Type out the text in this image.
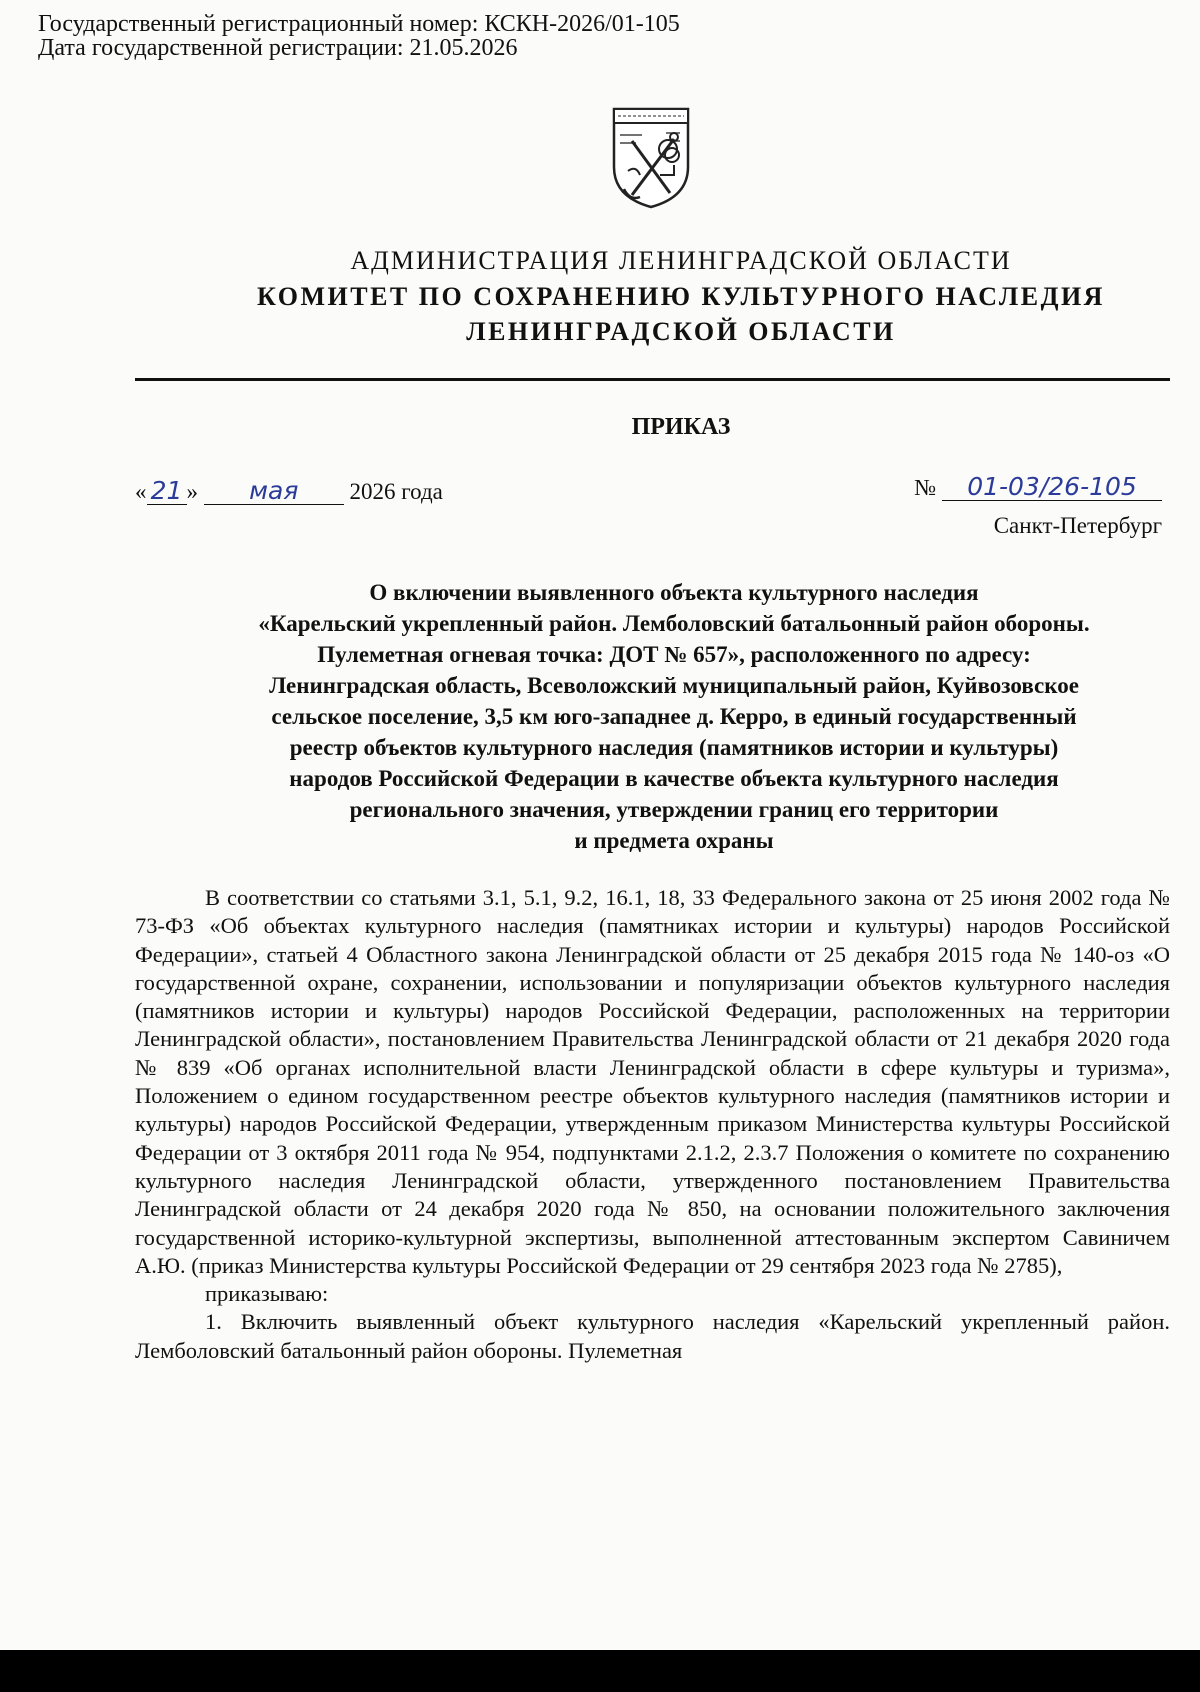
Государственный регистрационный номер: КСКН-2026/01-105
Дата государственной регистрации: 21.05.2026
АДМИНИСТРАЦИЯ ЛЕНИНГРАДСКОЙ ОБЛАСТИ
КОМИТЕТ ПО СОХРАНЕНИЮ КУЛЬТУРНОГО НАСЛЕДИЯ
ЛЕНИНГРАДСКОЙ ОБЛАСТИ
ПРИКАЗ
« 21 » мая 2026 года	№ 01-03/26-105
Санкт-Петербург
О включении выявленного объекта культурного наследия
«Карельский укрепленный район. Лемболовский батальонный район обороны.
Пулеметная огневая точка: ДОТ № 657», расположенного по адресу:
Ленинградская область, Всеволожский муниципальный район, Куйвозовское
сельское поселение, 3,5 км юго-западнее д. Керро, в единый государственный
реестр объектов культурного наследия (памятников истории и культуры)
народов Российской Федерации в качестве объекта культурного наследия
регионального значения, утверждении границ его территории
и предмета охраны

В соответствии со статьями 3.1, 5.1, 9.2, 16.1, 18, 33 Федерального закона от 25 июня 2002 года № 73-ФЗ «Об объектах культурного наследия (памятниках истории и культуры) народов Российской Федерации», статьей 4 Областного закона Ленинградской области от 25 декабря 2015 года № 140-оз «О государственной охране, сохранении, использовании и популяризации объектов культурного наследия (памятников истории и культуры) народов Российской Федерации, расположенных на территории Ленинградской области», постановлением Правительства Ленинградской области от 21 декабря 2020 года № 839 «Об органах исполнительной власти Ленинградской области в сфере культуры и туризма», Положением о едином государственном реестре объектов культурного наследия (памятников истории и культуры) народов Российской Федерации, утвержденным приказом Министерства культуры Российской Федерации от 3 октября 2011 года № 954, подпунктами 2.1.2, 2.3.7 Положения о комитете по сохранению культурного наследия Ленинградской области, утвержденного постановлением Правительства Ленинградской области от 24 декабря 2020 года № 850, на основании положительного заключения государственной историко-культурной экспертизы, выполненной аттестованным экспертом Савиничем А.Ю. (приказ Министерства культуры Российской Федерации от 29 сентября 2023 года № 2785),

приказываю:

1. Включить выявленный объект культурного наследия «Карельский укрепленный район. Лемболовский батальонный район обороны. Пулеметная
